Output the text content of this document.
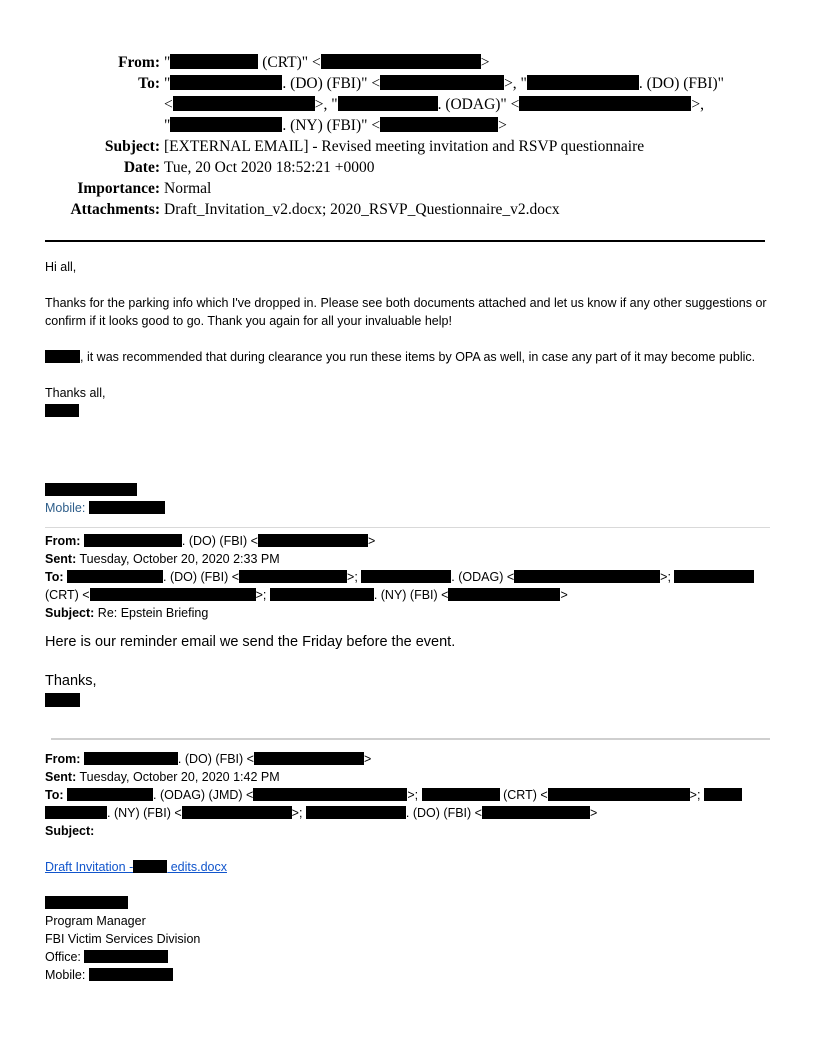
From: "	(CRT)" <	>
To: "	. (DO) (FBI)" <	>, "	. (DO) (FBI)"
<	>, "	. (ODAG)" <	>,
"	. (NY) (FBI)" <	>
Subject: [EXTERNAL EMAIL] - Revised meeting invitation and RSVP questionnaire
Date: Tue, 20 Oct 2020 18:52:21 +0000
Importance: Normal
Attachments: Draft_Invitation_v2.docx; 2020_RSVP_Questionnaire_v2.docx

Hi all,

Thanks for the parking info which I've dropped in. Please see both documents attached and let us know if any other suggestions or confirm if it looks good to go. Thank you again for all your invaluable help!

, it was recommended that during clearance you run these items by OPA as well, in case any part of it may become public.

Thanks all,

Mobile:

From:	. (DO) (FBI) <	>

Sent: Tuesday, October 20, 2020 2:33 PM

To:	. (DO) (FBI) <	>;	. (ODAG) <	>;
(CRT) <	>;	. (NY) (FBI) <	>

Subject: Re: Epstein Briefing

Here is our reminder email we send the Friday before the event.

Thanks,

From:	. (DO) (FBI) <	>

Sent: Tuesday, October 20, 2020 1:42 PM

To:	. (ODAG) (JMD) <	>;	(CRT) <	>;
. (NY) (FBI) <	>;	. (DO) (FBI) <	>

Subject:

Draft Invitation -	edits.docx

Program Manager

FBI Victim Services Division

Office:

Mobile:
